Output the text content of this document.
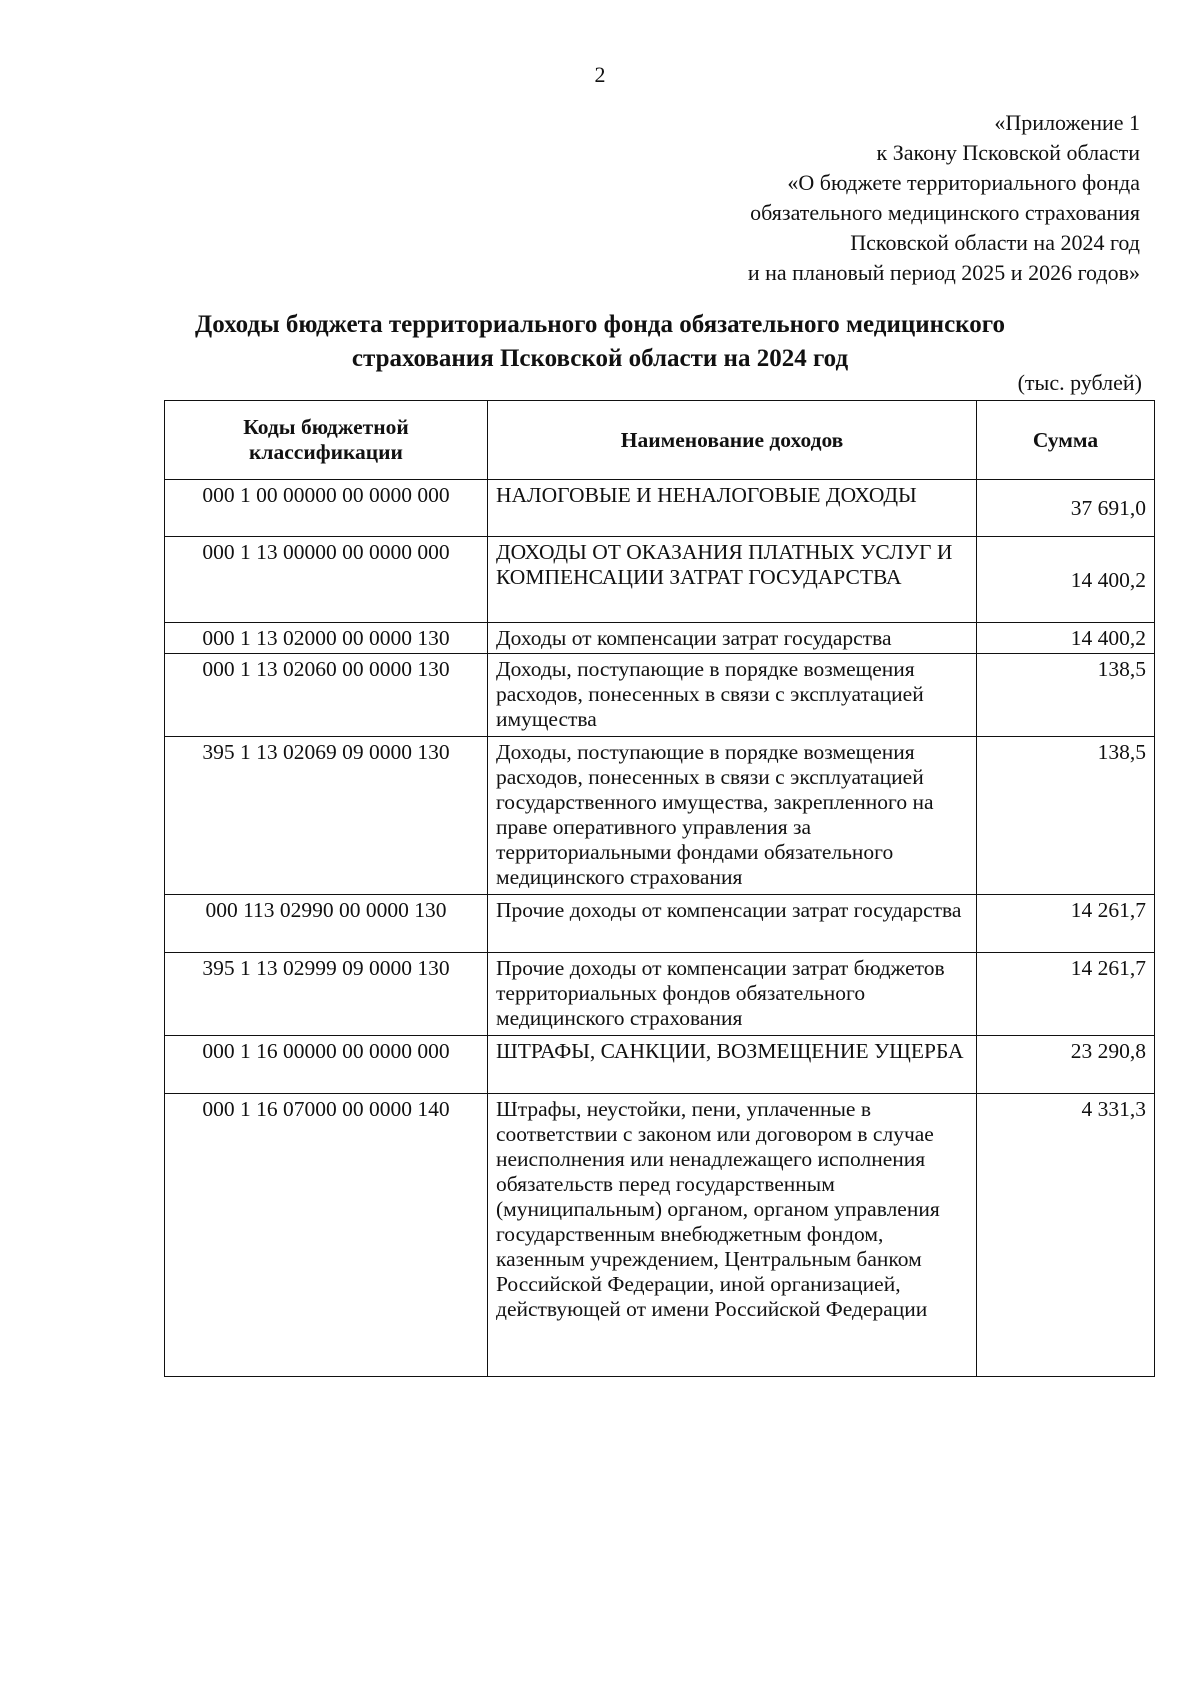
2
«Приложение 1
к Закону Псковской области
«О бюджете территориального фонда
обязательного медицинского страхования
Псковской области на 2024 год
и на плановый период 2025 и 2026 годов»
Доходы бюджета территориального фонда обязательного медицинского
страхования Псковской области на 2024 год
(тыс. рублей)
Коды бюджетной классификации	Наименование доходов	Сумма
000 1 00 00000 00 0000 000	НАЛОГОВЫЕ И НЕНАЛОГОВЫЕ ДОХОДЫ	37 691,0
000 1 13 00000 00 0000 000	ДОХОДЫ ОТ ОКАЗАНИЯ ПЛАТНЫХ УСЛУГ И КОМПЕНСАЦИИ ЗАТРАТ ГОСУДАРСТВА	14 400,2
000 1 13 02000 00 0000 130	Доходы от компенсации затрат государства	14 400,2
000 1 13 02060 00 0000 130	Доходы, поступающие в порядке возмещения расходов, понесенных в связи с эксплуатацией имущества	138,5
395 1 13 02069 09 0000 130	Доходы, поступающие в порядке возмещения расходов, понесенных в связи с эксплуатацией государственного имущества, закрепленного на праве оперативного управления за территориальными фондами обязательного медицинского страхования	138,5
000 113 02990 00 0000 130	Прочие доходы от компенсации затрат государства	14 261,7
395 1 13 02999 09 0000 130	Прочие доходы от компенсации затрат бюджетов территориальных фондов обязательного медицинского страхования	14 261,7
000 1 16 00000 00 0000 000	ШТРАФЫ, САНКЦИИ, ВОЗМЕЩЕНИЕ УЩЕРБА	23 290,8
000 1 16 07000 00 0000 140	Штрафы, неустойки, пени, уплаченные в соответствии с законом или договором в случае неисполнения или ненадлежащего исполнения обязательств перед государственным (муниципальным) органом, органом управления государственным внебюджетным фондом, казенным учреждением, Центральным банком Российской Федерации, иной организацией, действующей от имени Российской Федерации	4 331,3
